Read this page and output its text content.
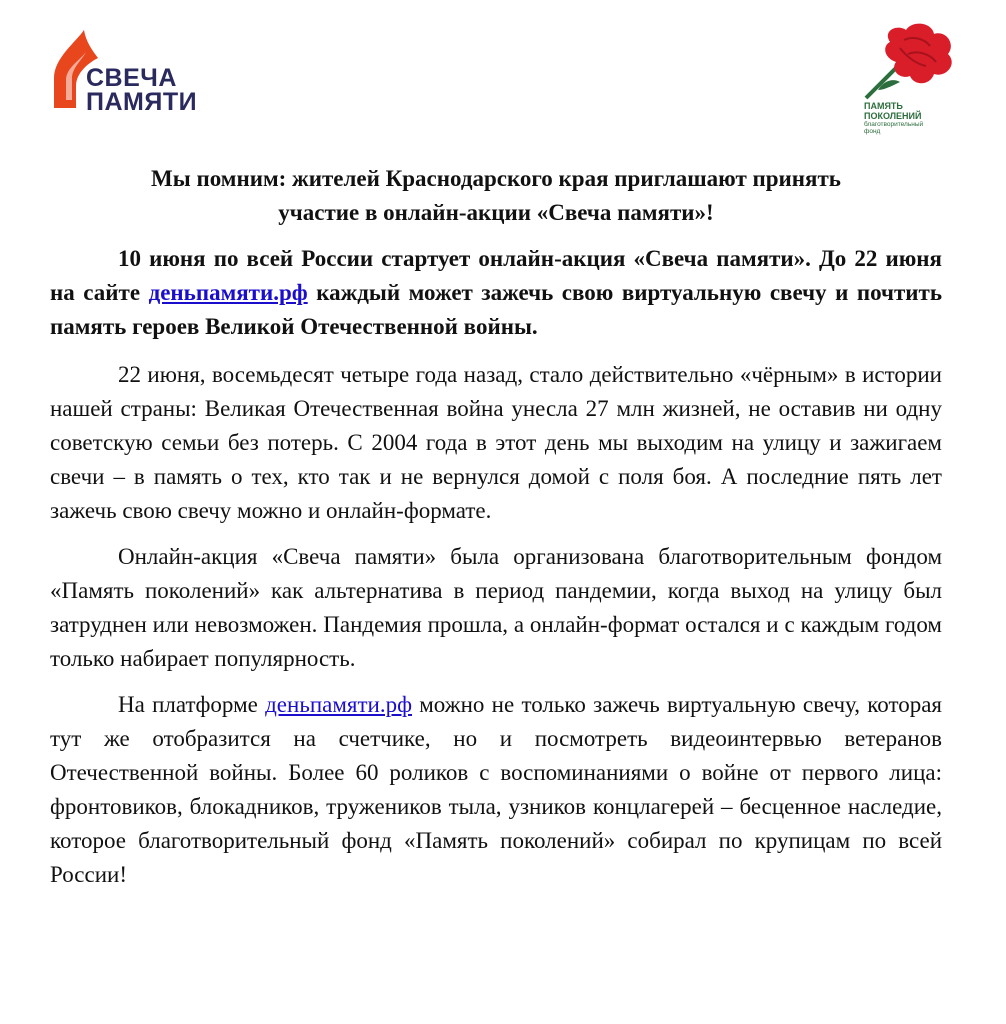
СВЕЧА
ПАМЯТИ	ПАМЯТЬ
ПОКОЛЕНИЙ
благотворительный
фонд
Мы помним: жителей Краснодарского края приглашают принять
участие в онлайн-акции «Свеча памяти»!

10 июня по всей России стартует онлайн-акция «Свеча памяти». До 22 июня на сайте деньпамяти.рф каждый может зажечь свою виртуальную свечу и почтить память героев Великой Отечественной войны.

22 июня, восемьдесят четыре года назад, стало действительно «чёрным» в истории нашей страны: Великая Отечественная война унесла 27 млн жизней, не оставив ни одну советскую семьи без потерь. С 2004 года в этот день мы выходим на улицу и зажигаем свечи – в память о тех, кто так и не вернулся домой с поля боя. А последние пять лет зажечь свою свечу можно и онлайн-формате.

Онлайн-акция «Свеча памяти» была организована благотворительным фондом «Память поколений» как альтернатива в период пандемии, когда выход на улицу был затруднен или невозможен. Пандемия прошла, а онлайн-формат остался и с каждым годом только набирает популярность.

На платформе деньпамяти.рф можно не только зажечь виртуальную свечу, которая тут же отобразится на счетчике, но и посмотреть видеоинтервью ветеранов Отечественной войны. Более 60 роликов с воспоминаниями о войне от первого лица: фронтовиков, блокадников, тружеников тыла, узников концлагерей – бесценное наследие, которое благотворительный фонд «Память поколений» собирал по крупицам по всей России!
